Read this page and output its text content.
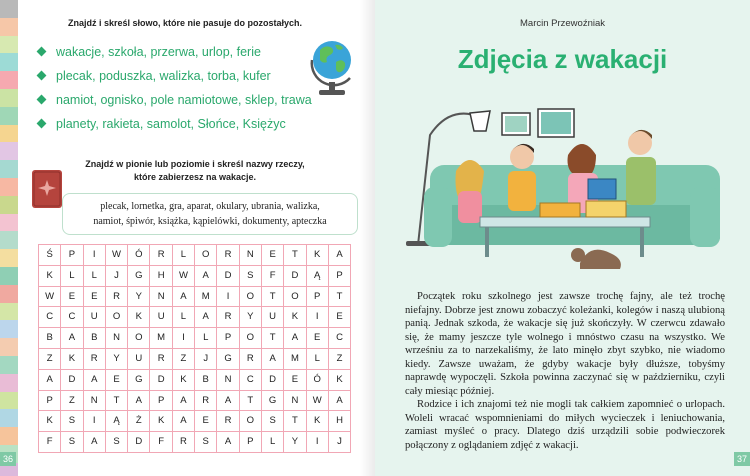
Znajdź i skreśl słowo, które nie pasuje do pozostałych.
wakacje, szkoła, przerwa, urlop, ferie
plecak, poduszka, walizka, torba, kufer
namiot, ognisko, pole namiotowe, sklep, trawa
planety, rakieta, samolot, Słońce, Księżyc
Znajdź w pionie lub poziomie i skreśl nazwy rzeczy,
które zabierzesz na wakacje.
plecak, lornetka, gra, aparat, okulary, ubrania, walizka,
namiot, śpiwór, książka, kąpielówki, dokumenty, apteczka
Ś	P	I	W	Ó	R	L	O	R	N	E	T	K	A
K	L	L	J	G	H	W	A	D	S	F	D	Ą	P
W	E	E	R	Y	N	A	M	I	O	T	O	P	T
C	C	U	O	K	U	L	A	R	Y	U	K	I	E
B	A	B	N	O	M	I	L	P	O	T	A	E	C
Z	K	R	Y	U	R	Z	J	G	R	A	M	L	Z
A	D	A	E	G	D	K	B	N	C	D	E	Ó	K
P	Z	N	T	A	P	A	R	A	T	G	N	W	A
K	S	I	Ą	Ż	K	A	E	R	O	S	T	K	H
F	S	A	S	D	F	R	S	A	P	L	Y	I	J
36
Marcin Przewoźniak
Zdjęcia z wakacji

Początek roku szkolnego jest zawsze trochę fajny, ale też trochę niefajny. Dobrze jest znowu zobaczyć koleżanki, kolegów i naszą ulubioną panią. Jednak szkoda, że wakacje się już skończyły. W czerwcu zdawało się, że mamy jeszcze tyle wolnego i mnóstwo czasu na wszystko. We wrześniu za to narzekaliśmy, że lato minęło zbyt szybko, nie wiadomo kiedy. Zawsze uważam, że gdyby wakacje były dłuższe, tobyśmy naprawdę wypoczęli. Szkoła powinna zaczynać się w październiku, czyli cały miesiąc później.

Rodzice i ich znajomi też nie mogli tak całkiem zapomnieć o urlopach. Woleli wracać wspomnieniami do miłych wycieczek i leniuchowania, zamiast myśleć o pracy. Dlatego dziś urządzili sobie podwieczorek połączony z oglądaniem zdjęć z wakacji.

37
